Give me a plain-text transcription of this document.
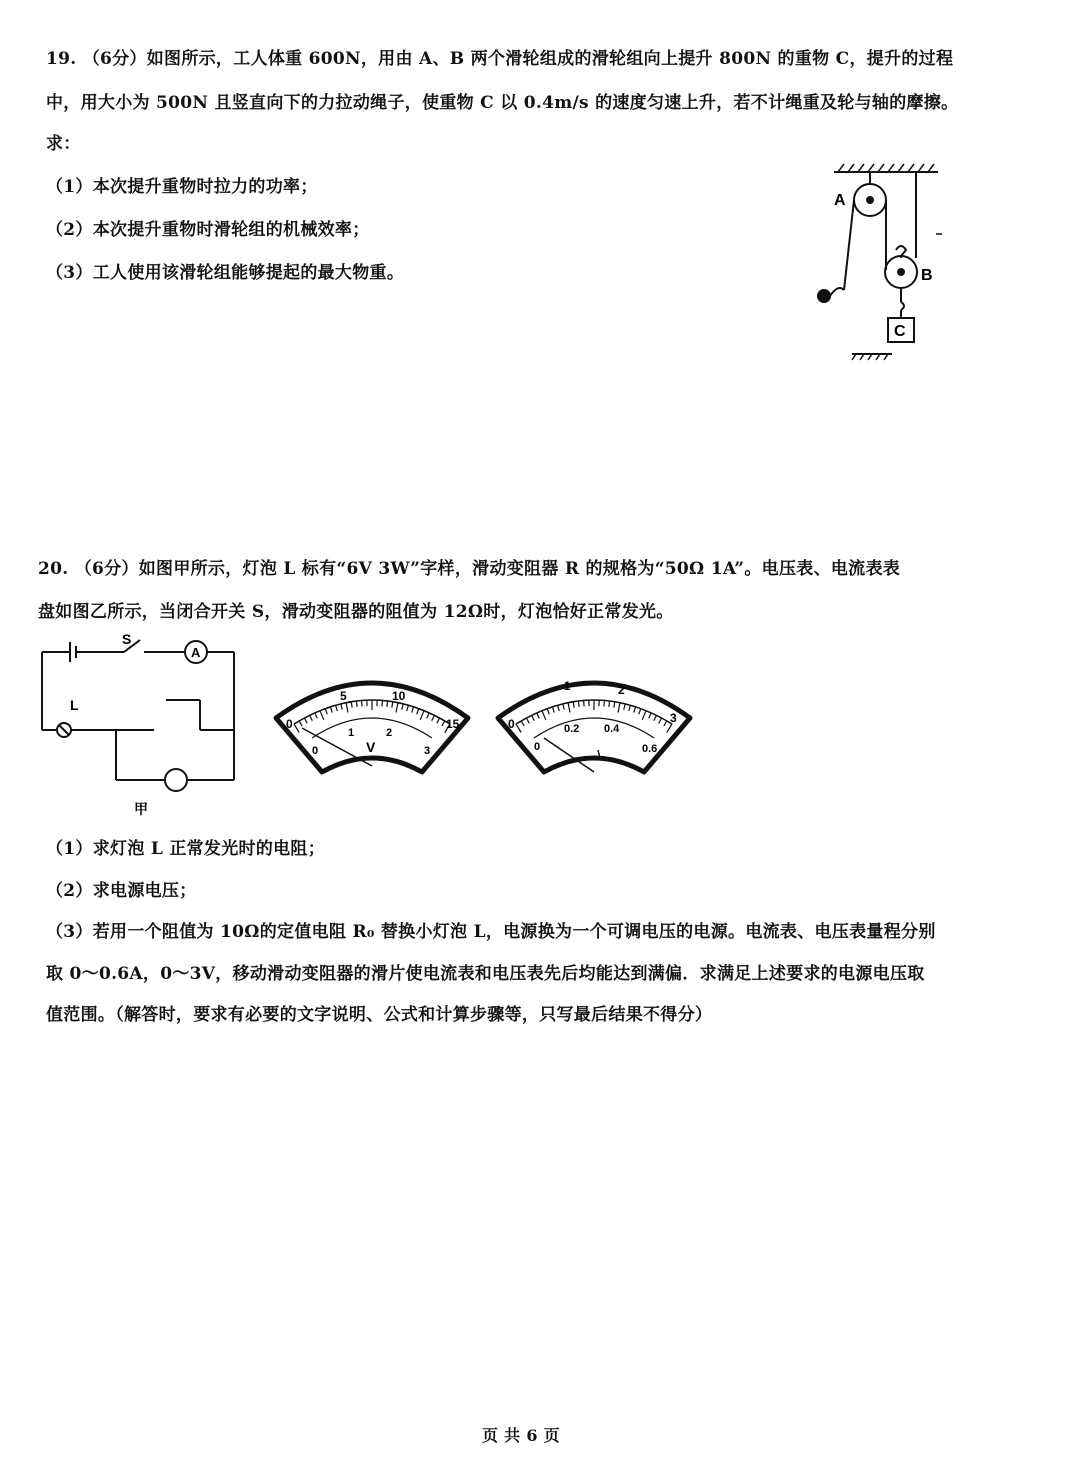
19. （6分）如图所示，工人体重 600N，用由 A、B 两个滑轮组成的滑轮组向上提升 800N 的重物 C，提升的过程
中，用大小为 500N 且竖直向下的力拉动绳子，使重物 C 以 0.4m/s 的速度匀速上升，若不计绳重及轮与轴的摩擦。
求：
（1）本次提升重物时拉力的功率；
（2）本次提升重物时滑轮组的机械效率；
（3）工人使用该滑轮组能够提起的最大物重。
A
B
C
20. （6分）如图甲所示，灯泡 L 标有“6V 3W”字样，滑动变阻器 R 的规格为“50Ω 1A”。电压表、电流表表
盘如图乙所示，当闭合开关 S，滑动变阻器的阻值为 12Ω时，灯泡恰好正常发光。
S
A
L
甲
0
5	10
15
0
1	2
3
V
0
1	2
3
0
0.2 0.4
0.6
（1）求灯泡 L 正常发光时的电阻；
（2）求电源电压；
（3）若用一个阻值为 10Ω的定值电阻 R₀ 替换小灯泡 L，电源换为一个可调电压的电源。电流表、电压表量程分别
取 0～0.6A，0～3V，移动滑动变阻器的滑片使电流表和电压表先后均能达到满偏．求满足上述要求的电源电压取
值范围。（解答时，要求有必要的文字说明、公式和计算步骤等，只写最后结果不得分）
页 共 6 页
